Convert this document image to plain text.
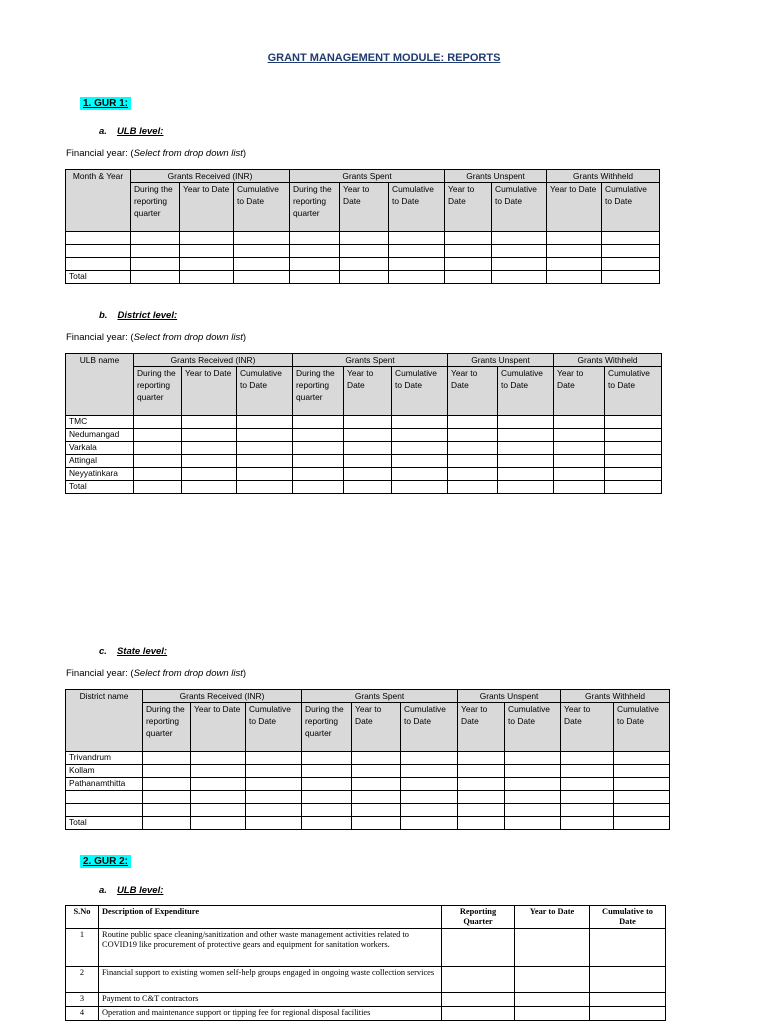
GRANT MANAGEMENT MODULE: REPORTS
1. GUR 1:
a. ULB level:
Financial year: (Select from drop down list)
Month & Year	Grants Received (INR)			Grants Spent			Grants Unspent		Grants Withheld	
	During the reporting quarter	Year to Date	Cumulative to Date	During the reporting quarter	Year to Date	Cumulative to Date	Year to Date	Cumulative to Date	Year to Date	Cumulative to Date

Total										
b. District level:
Financial year: (Select from drop down list)
ULB name	Grants Received (INR)			Grants Spent			Grants Unspent		Grants Withheld	
	During the reporting quarter	Year to Date	Cumulative to Date	During the reporting quarter	Year to Date	Cumulative to Date	Year to Date	Cumulative to Date	Year to Date	Cumulative to Date
TMC										
Nedumangad										
Varkala										
Attingal										
Neyyatinkara										
Total										
c. State level:
Financial year: (Select from drop down list)
District name	Grants Received (INR)			Grants Spent			Grants Unspent		Grants Withheld	
	During the reporting quarter	Year to Date	Cumulative to Date	During the reporting quarter	Year to Date	Cumulative to Date	Year to Date	Cumulative to Date	Year to Date	Cumulative to Date
Trivandrum										
Kollam										
Pathanamthitta										

Total										
2. GUR 2:
a. ULB level:
S.No	Description of Expenditure	Reporting Quarter	Year to Date	Cumulative to Date
1	Routine public space cleaning/sanitization and other waste management activities related to COVID19 like procurement of protective gears and equipment for sanitation workers.			
2	Financial support to existing women self-help groups engaged in ongoing waste collection services			
3	Payment to C&T contractors			
4	Operation and maintenance support or tipping fee for regional disposal facilities			
